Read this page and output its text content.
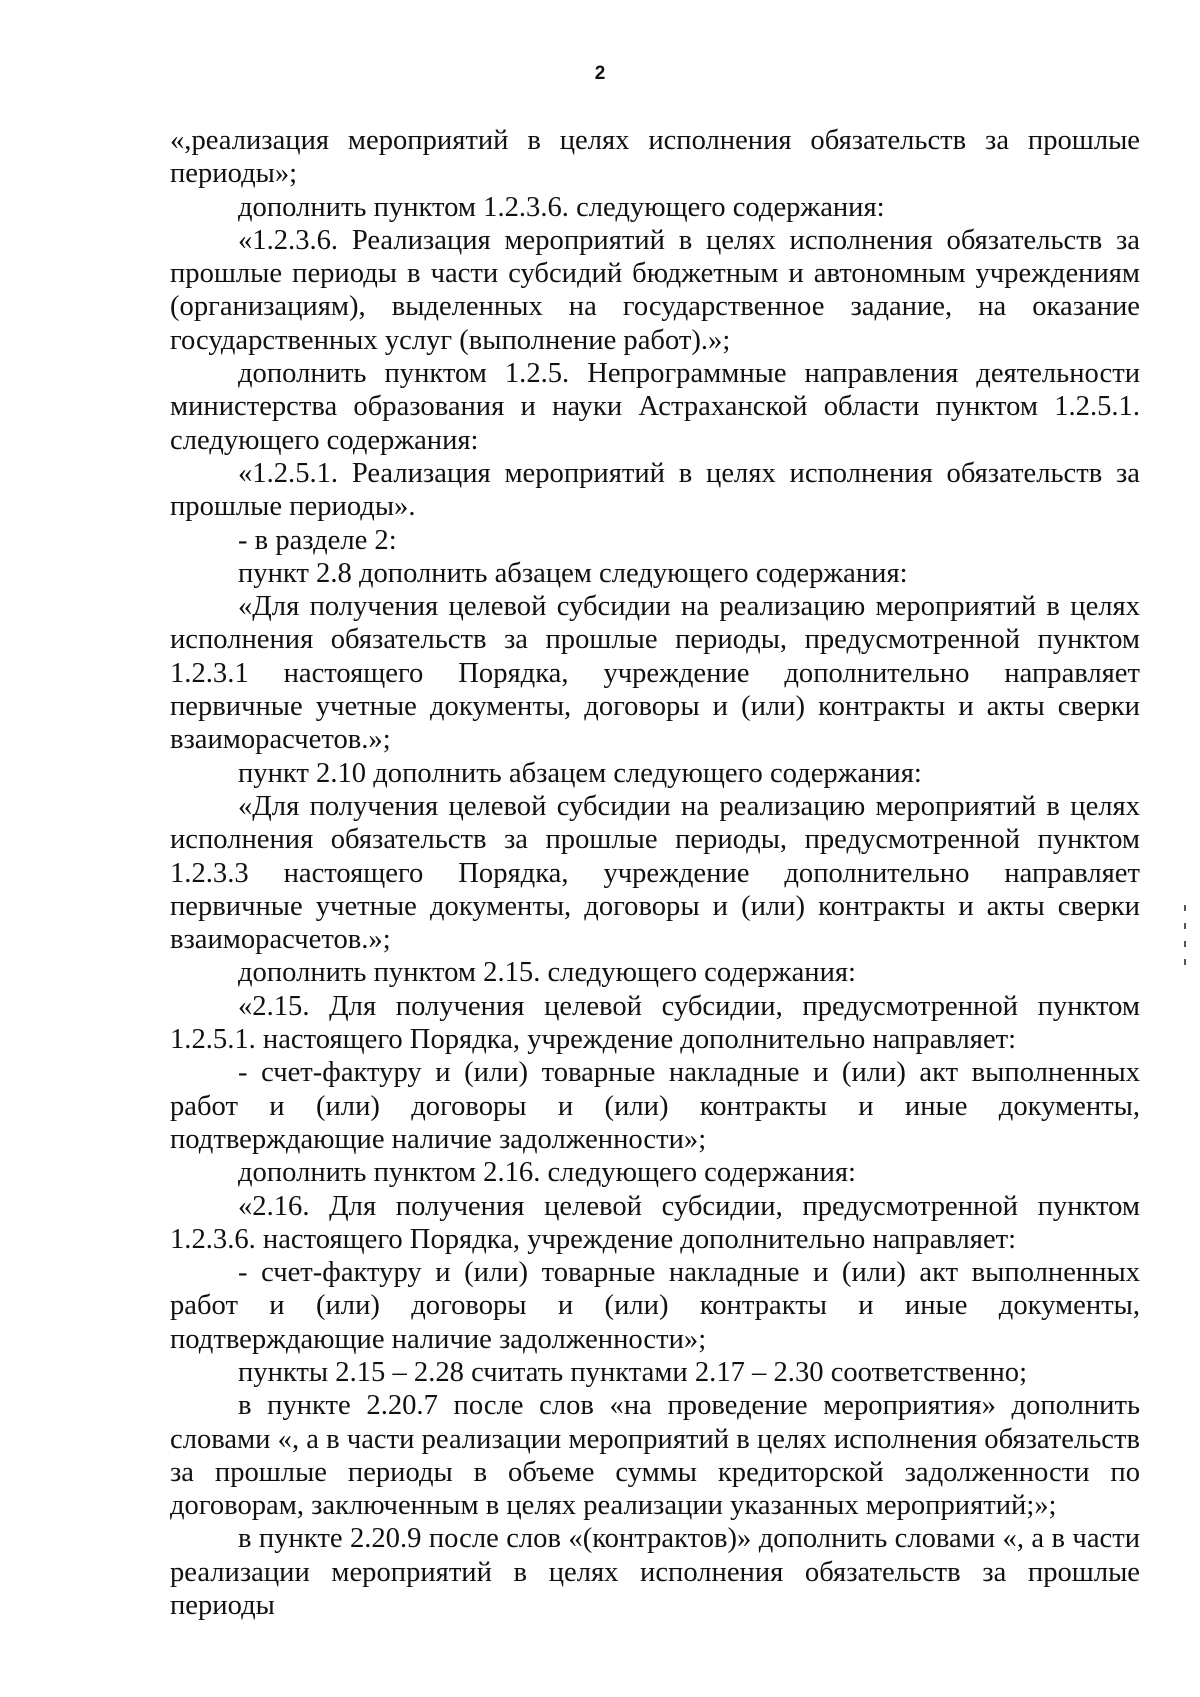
2

«,реализация мероприятий в целях исполнения обязательств за прошлые периоды»;

дополнить пунктом 1.2.3.6. следующего содержания:

«1.2.3.6. Реализация мероприятий в целях исполнения обязательств за прошлые периоды в части субсидий бюджетным и автономным учреждениям (организациям), выделенных на государственное задание, на оказание государственных услуг (выполнение работ).»;

дополнить пунктом 1.2.5. Непрограммные направления деятельности министерства образования и науки Астраханской области пунктом 1.2.5.1. следующего содержания:

«1.2.5.1. Реализация мероприятий в целях исполнения обязательств за прошлые периоды».

- в разделе 2:

пункт 2.8 дополнить абзацем следующего содержания:

«Для получения целевой субсидии на реализацию мероприятий в целях исполнения обязательств за прошлые периоды, предусмотренной пунктом 1.2.3.1 настоящего Порядка, учреждение дополнительно направляет первичные учетные документы, договоры и (или) контракты и акты сверки взаиморасчетов.»;

пункт 2.10 дополнить абзацем следующего содержания:

«Для получения целевой субсидии на реализацию мероприятий в целях исполнения обязательств за прошлые периоды, предусмотренной пунктом 1.2.3.3 настоящего Порядка, учреждение дополнительно направляет первичные учетные документы, договоры и (или) контракты и акты сверки взаиморасчетов.»;

дополнить пунктом 2.15. следующего содержания:

«2.15. Для получения целевой субсидии, предусмотренной пунктом 1.2.5.1. настоящего Порядка, учреждение дополнительно направляет:

- счет-фактуру и (или) товарные накладные и (или) акт выполненных работ и (или) договоры и (или) контракты и иные документы, подтверждающие наличие задолженности»;

дополнить пунктом 2.16. следующего содержания:

«2.16. Для получения целевой субсидии, предусмотренной пунктом 1.2.3.6. настоящего Порядка, учреждение дополнительно направляет:

- счет-фактуру и (или) товарные накладные и (или) акт выполненных работ и (или) договоры и (или) контракты и иные документы, подтверждающие наличие задолженности»;

пункты 2.15 – 2.28 считать пунктами 2.17 – 2.30 соответственно;

в пункте 2.20.7 после слов «на проведение мероприятия» дополнить словами «, а в части реализации мероприятий в целях исполнения обязательств за прошлые периоды в объеме суммы кредиторской задолженности по договорам, заключенным в целях реализации указанных мероприятий;»;

в пункте 2.20.9 после слов «(контрактов)» дополнить словами «, а в части реализации мероприятий в целях исполнения обязательств за прошлые периоды
